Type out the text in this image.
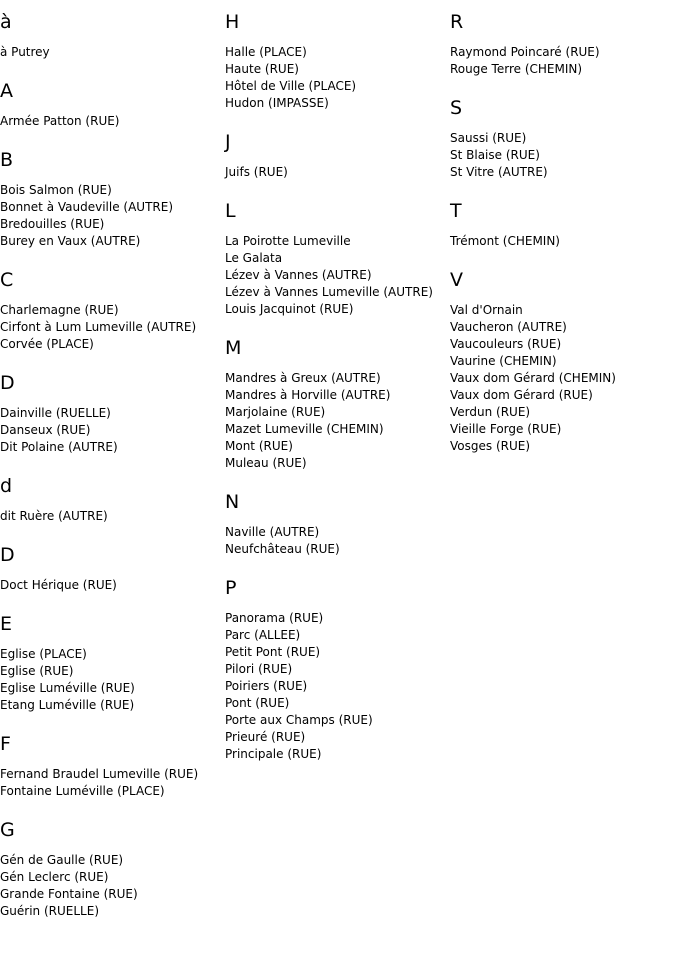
à
à Putrey
A
Armée Patton (RUE)
B
Bois Salmon (RUE)
Bonnet à Vaudeville (AUTRE)
Bredouilles (RUE)
Burey en Vaux (AUTRE)
C
Charlemagne (RUE)
Cirfont à Lum Lumeville (AUTRE)
Corvée (PLACE)
D
Dainville (RUELLE)
Danseux (RUE)
Dit Polaine (AUTRE)
d
dit Ruère (AUTRE)
D
Doct Hérique (RUE)
E
Eglise (PLACE)
Eglise (RUE)
Eglise Luméville (RUE)
Etang Luméville (RUE)
F
Fernand Braudel Lumeville (RUE)
Fontaine Luméville (PLACE)
G
Gén de Gaulle (RUE)
Gén Leclerc (RUE)
Grande Fontaine (RUE)
Guérin (RUELLE)
H
Halle (PLACE)
Haute (RUE)
Hôtel de Ville (PLACE)
Hudon (IMPASSE)
J
Juifs (RUE)
L
La Poirotte Lumeville
Le Galata
Lézev à Vannes (AUTRE)
Lézev à Vannes Lumeville (AUTRE)
Louis Jacquinot (RUE)
M
Mandres à Greux (AUTRE)
Mandres à Horville (AUTRE)
Marjolaine (RUE)
Mazet Lumeville (CHEMIN)
Mont (RUE)
Muleau (RUE)
N
Naville (AUTRE)
Neufchâteau (RUE)
P
Panorama (RUE)
Parc (ALLEE)
Petit Pont (RUE)
Pilori (RUE)
Poiriers (RUE)
Pont (RUE)
Porte aux Champs (RUE)
Prieuré (RUE)
Principale (RUE)
R
Raymond Poincaré (RUE)
Rouge Terre (CHEMIN)
S
Saussi (RUE)
St Blaise (RUE)
St Vitre (AUTRE)
T
Trémont (CHEMIN)
V
Val d'Ornain
Vaucheron (AUTRE)
Vaucouleurs (RUE)
Vaurine (CHEMIN)
Vaux dom Gérard (CHEMIN)
Vaux dom Gérard (RUE)
Verdun (RUE)
Vieille Forge (RUE)
Vosges (RUE)
